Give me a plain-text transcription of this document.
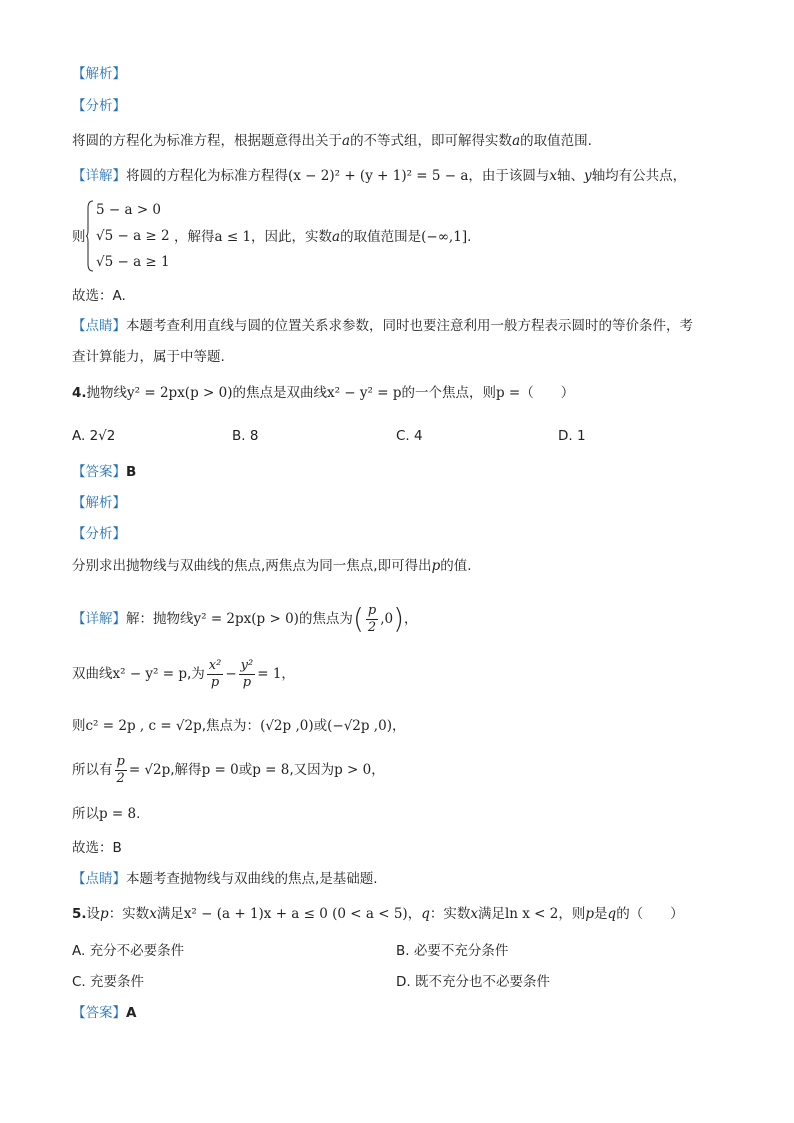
【解析】
【分析】
将圆的方程化为标准方程，根据题意得出关于a的不等式组，即可解得实数a的取值范围.
【详解】将圆的方程化为标准方程得(x − 2)² + (y + 1)² = 5 − a，由于该圆与x轴、y轴均有公共点，
则
5 − a > 0
√5 − a ≥ 2
√5 − a ≥ 1
，解得a ≤ 1，因此，实数a的取值范围是(−∞,1].
故选：A.
【点睛】本题考查利用直线与圆的位置关系求参数，同时也要注意利用一般方程表示圆时的等价条件，考
查计算能力，属于中等题.
4.抛物线y² = 2px(p > 0)的焦点是双曲线x² − y² = p的一个焦点，则p =（　　）
A. 2√2	B. 8	C. 4	D. 1
【答案】B
【解析】
【分析】
分别求出抛物线与双曲线的焦点,两焦点为同一焦点,即可得出p的值.
【详解】解：抛物线y² = 2px(p > 0)的焦点为( $\frac{p}{2} ,0$)，
双曲线x² − y² = p,为 $\frac{\text{x²}}{p} - \frac{\text{y²}}{p} = 1$，
则c² = 2p , c = √2p,焦点为：(√2p ,0)或(−√2p ,0)，
所以有 $\frac{p}{2} = √2p$,解得p = 0或p = 8,又因为p > 0，
所以p = 8.
故选：B
【点睛】本题考查抛物线与双曲线的焦点,是基础题.
5.设p：实数x满足x² − (a + 1)x + a ≤ 0 (0 < a < 5)，q：实数x满足ln x < 2，则p是q的（　　）
A. 充分不必要条件	B. 必要不充分条件
C. 充要条件	D. 既不充分也不必要条件
【答案】A
